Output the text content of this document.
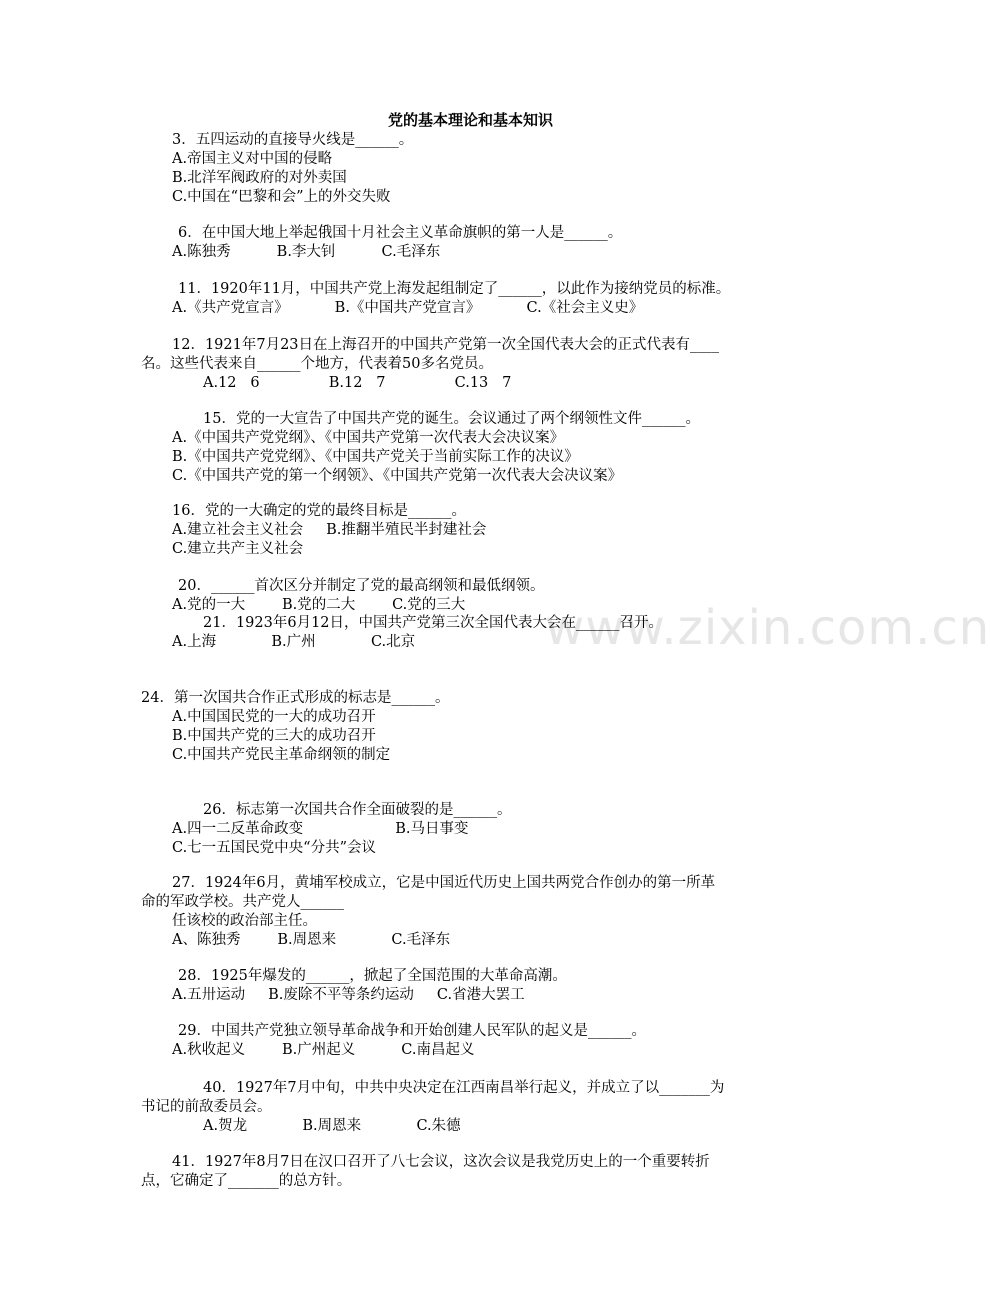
www.zixin.com.cn
党的基本理论和基本知识
3．五四运动的直接导火线是______。
A.帝国主义对中国的侵略
B.北洋军阀政府的对外卖国
C.中国在“巴黎和会”上的外交失败
6．在中国大地上举起俄国十月社会主义革命旗帜的第一人是______。
A.陈独秀          B.李大钊          C.毛泽东
11．1920年11月，中国共产党上海发起组制定了______，以此作为接纳党员的标准。
A.《共产党宣言》          B.《中国共产党宣言》          C.《社会主义史》
12．1921年7月23日在上海召开的中国共产党第一次全国代表大会的正式代表有____
名。这些代表来自______个地方，代表着50多名党员。
A.12   6               B.12   7               C.13   7
15．党的一大宣告了中国共产党的诞生。会议通过了两个纲领性文件______。
A.《中国共产党党纲》、《中国共产党第一次代表大会决议案》
B.《中国共产党党纲》、《中国共产党关于当前实际工作的决议》
C.《中国共产党的第一个纲领》、《中国共产党第一次代表大会决议案》
16．党的一大确定的党的最终目标是______。
A.建立社会主义社会     B.推翻半殖民半封建社会
C.建立共产主义社会
20．______首次区分并制定了党的最高纲领和最低纲领。
A.党的一大        B.党的二大        C.党的三大
21．1923年6月12日，中国共产党第三次全国代表大会在______召开。
A.上海            B.广州            C.北京
24．第一次国共合作正式形成的标志是______。
A.中国国民党的一大的成功召开
B.中国共产党的三大的成功召开
C.中国共产党民主革命纲领的制定
26．标志第一次国共合作全面破裂的是______。
A.四一二反革命政变                    B.马日事变
C.七一五国民党中央“分共”会议
27．1924年6月，黄埔军校成立，它是中国近代历史上国共两党合作创办的第一所革
命的军政学校。共产党人______
任该校的政治部主任。
A、陈独秀        B.周恩来            C.毛泽东
28．1925年爆发的______，掀起了全国范围的大革命高潮。
A.五卅运动     B.废除不平等条约运动     C.省港大罢工
29．中国共产党独立领导革命战争和开始创建人民军队的起义是______。
A.秋收起义        B.广州起义          C.南昌起义
40．1927年7月中旬，中共中央决定在江西南昌举行起义，并成立了以_______为
书记的前敌委员会。
A.贺龙            B.周恩来            C.朱德
41．1927年8月7日在汉口召开了八七会议，这次会议是我党历史上的一个重要转折
点，它确定了_______的总方针。
